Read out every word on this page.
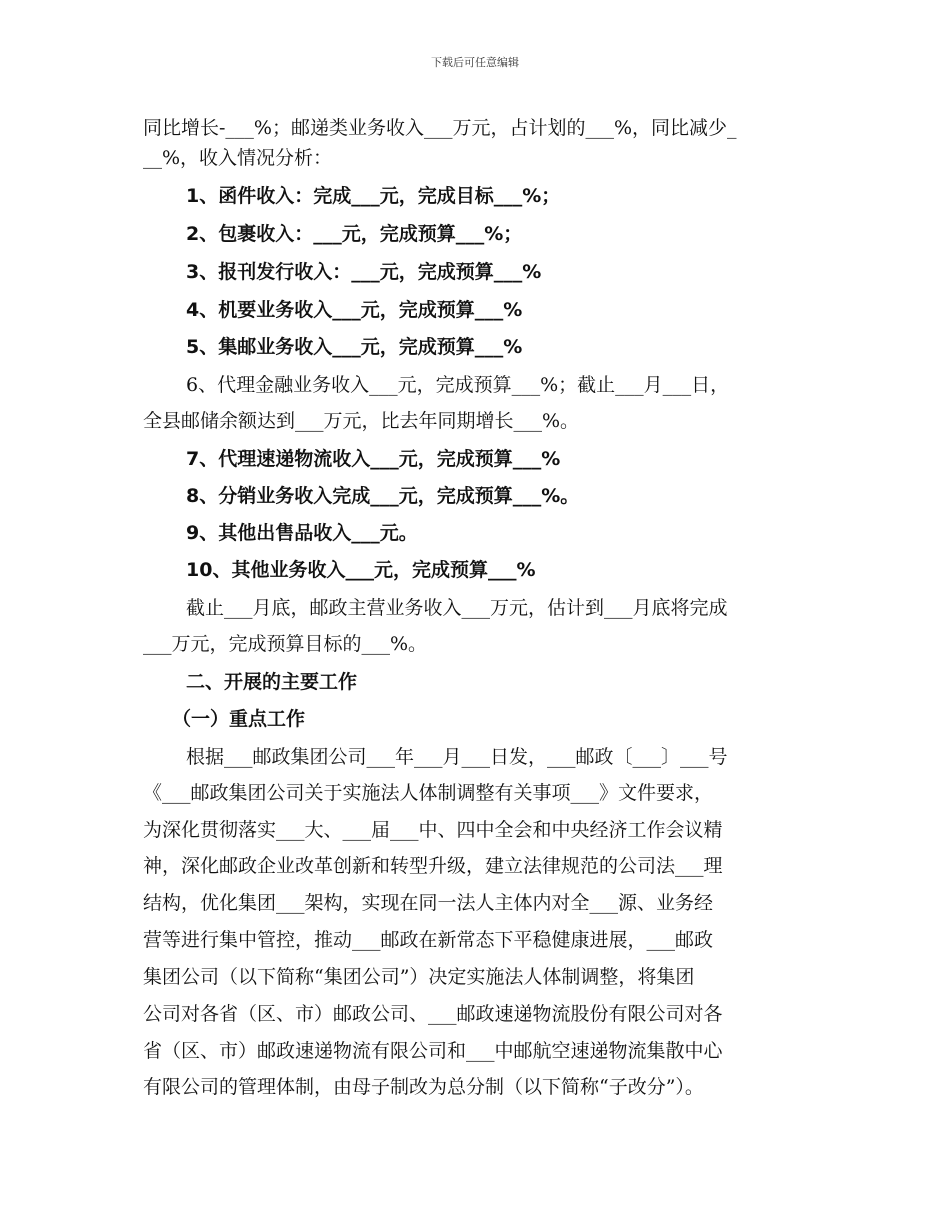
下载后可任意编辑
同比增长-___%；邮递类业务收入___万元，占计划的___%，同比减少_
__%，收入情况分析：
1、函件收入：完成___元，完成目标___%；
2、包裹收入：___元，完成预算___%；
3、报刊发行收入：___元，完成预算___%
4、机要业务收入___元，完成预算___%
5、集邮业务收入___元，完成预算___%
6、代理金融业务收入___元，完成预算___%；截止___月___日，
全县邮储余额达到___万元，比去年同期增长___%。
7、代理速递物流收入___元，完成预算___%
8、分销业务收入完成___元，完成预算___%。
9、其他出售品收入___元。
10、其他业务收入___元，完成预算___%
截止___月底，邮政主营业务收入___万元，估计到___月底将完成
___万元，完成预算目标的___%。
二、开展的主要工作
（一）重点工作
根据___邮政集团公司___年___月___日发，___邮政〔___〕___号
《___邮政集团公司关于实施法人体制调整有关事项___》文件要求，
为深化贯彻落实___大、___届___中、四中全会和中央经济工作会议精
神，深化邮政企业改革创新和转型升级，建立法律规范的公司法___理
结构，优化集团___架构，实现在同一法人主体内对全___源、业务经
营等进行集中管控，推动___邮政在新常态下平稳健康进展，___邮政
集团公司（以下简称“集团公司”）决定实施法人体制调整，将集团
公司对各省（区、市）邮政公司、___邮政速递物流股份有限公司对各
省（区、市）邮政速递物流有限公司和___中邮航空速递物流集散中心
有限公司的管理体制，由母子制改为总分制（以下简称“子改分”）。
